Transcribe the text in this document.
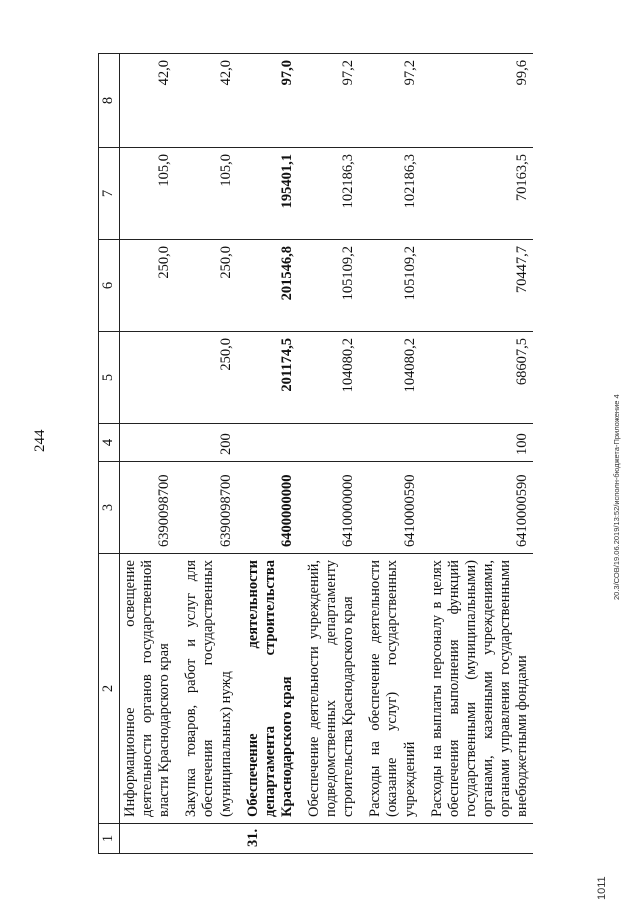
244	20.3/СОВ/19.06.2019/13:52/исполн-бюджета-Приложение 4
1011
1	2	3	4	5	6	7	8
	Информационное освещение деятельности органов государственной власти Краснодарского края	6390098700			250,0	105,0	42,0

	Закупка товаров, работ и услуг для обеспечения государственных (муниципальных) нужд	6390098700	200	250,0	250,0	105,0	42,0

31.	Обеспечение деятельности департамента строительства Краснодарского края	6400000000		201174,5	201546,8	195401,1	97,0

	Обеспечение деятельности учреждений, подведомственных департаменту строительства Краснодарского края	6410000000		104080,2	105109,2	102186,3	97,2

	Расходы на обеспечение деятельности (оказание услуг) государственных учреждений	6410000590		104080,2	105109,2	102186,3	97,2

	Расходы на выплаты персоналу в целях обеспечения выполнения функций государственными (муниципальными) органами, казенными учреждениями, органами управления государственными внебюджетными фондами	6410000590	100	68607,5	70447,7	70163,5	99,6
